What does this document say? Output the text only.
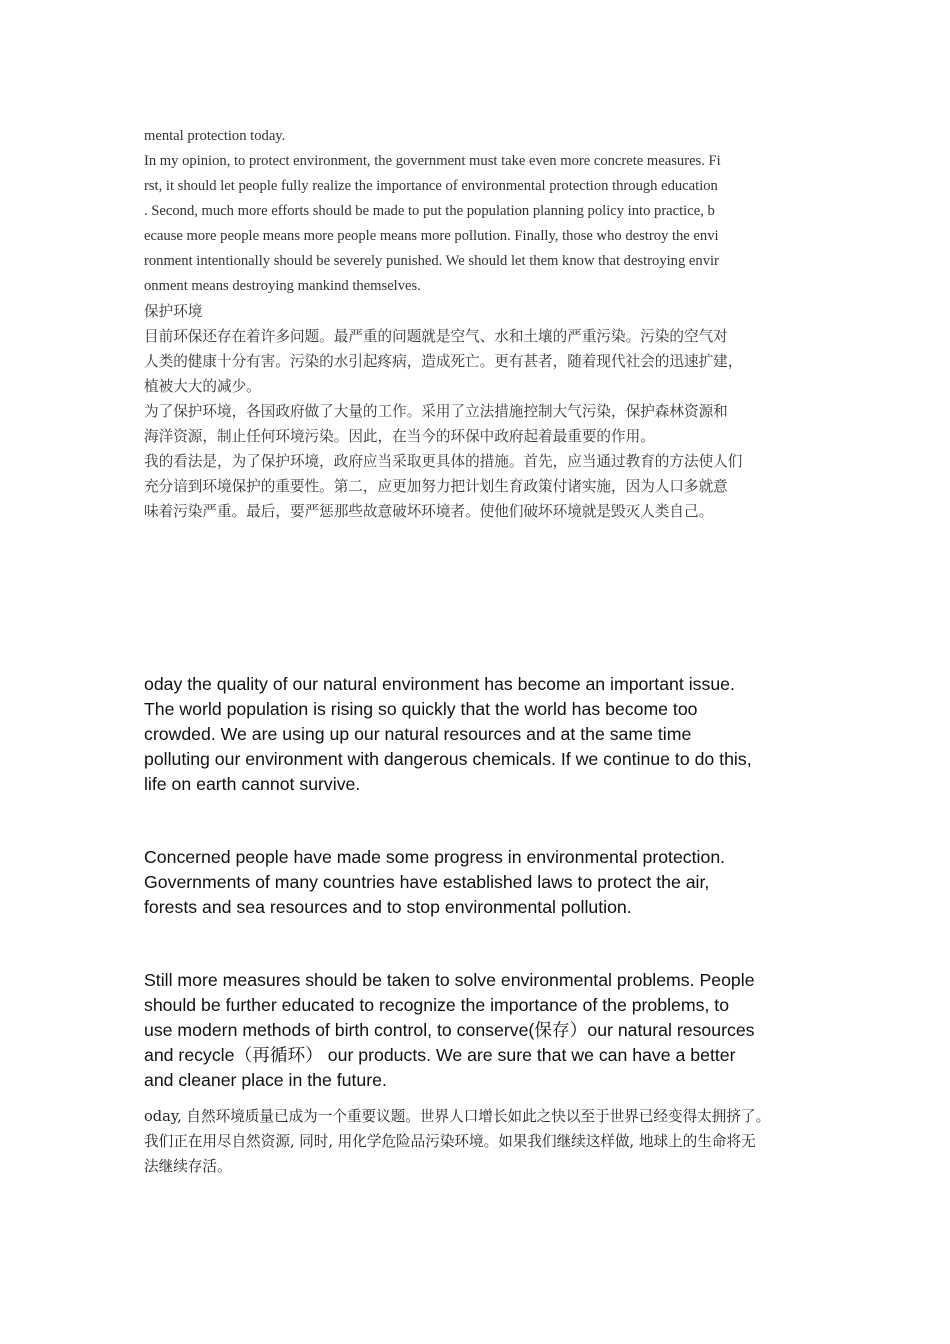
mental protection today.
In my opinion, to protect environment, the government must take even more concrete measures. Fi
rst, it should let people fully realize the importance of environmental protection through education
. Second, much more efforts should be made to put the population planning policy into practice, b
ecause more people means more people means more pollution. Finally, those who destroy the envi
ronment intentionally should be severely punished. We should let them know that destroying envir
onment means destroying mankind themselves.
保护环境
目前环保还存在着许多问题。最严重的问题就是空气、水和土壤的严重污染。污染的空气对
人类的健康十分有害。污染的水引起疼病，造成死亡。更有甚者，随着现代社会的迅速扩建，
植被大大的减少。
为了保护环境，各国政府做了大量的工作。采用了立法措施控制大气污染，保护森林资源和
海洋资源，制止任何环境污染。因此，在当今的环保中政府起着最重要的作用。
我的看法是，为了保护环境，政府应当采取更具体的措施。首先，应当通过教育的方法使人们
充分谙到环境保护的重要性。第二，应更加努力把计划生育政策付诸实施，因为人口多就意
味着污染严重。最后，要严惩那些故意破坏环境者。使他们破坏环境就是毁灭人类自己。
oday the quality of our natural environment has become an important issue.
The world population is rising so quickly that the world has become too
crowded. We are using up our natural resources and at the same time
polluting our environment with dangerous chemicals. If we continue to do this,
life on earth cannot survive.
Concerned people have made some progress in environmental protection.
Governments of many countries have established laws to protect the air,
forests and sea resources and to stop environmental pollution.
Still more measures should be taken to solve environmental problems. People
should be further educated to recognize the importance of the problems, to
use modern methods of birth control, to conserve(保存）our natural resources
and recycle（再循环） our products. We are sure that we can have a better
and cleaner place in the future.
oday, 自然环境质量已成为一个重要议题。世界人口增长如此之快以至于世界已经变得太拥挤了。
我们正在用尽自然资源, 同时, 用化学危险品污染环境。如果我们继续这样做, 地球上的生命将无
法继续存活。
